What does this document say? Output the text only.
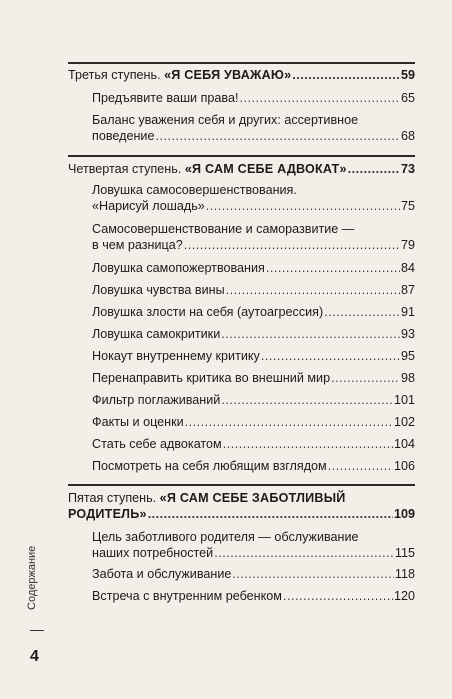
Третья ступень. «Я СЕБЯ УВАЖАЮ» .....	59
Предъявите ваши права! .....	65
Баланс уважения себя и других: ассертивное
поведение .....	68
Четвертая ступень. «Я САМ СЕБЕ АДВОКАТ» .....	73
Ловушка самосовершенствования.
«Нарисуй лошадь» .....	75
Самосовершенствование и саморазвитие —
в чем разница? .....	79
Ловушка самопожертвования .....	84
Ловушка чувства вины .....	87
Ловушка злости на себя (аутоагрессия) .....	91
Ловушка самокритики .....	93
Нокаут внутреннему критику .....	95
Перенаправить критика во внешний мир .....	98
Фильтр поглаживаний .....	101
Факты и оценки .....	102
Стать себе адвокатом .....	104
Посмотреть на себя любящим взглядом .....	106
Пятая ступень. «Я САМ СЕБЕ ЗАБОТЛИВЫЙ
РОДИТЕЛЬ» .....	109
Цель заботливого родителя — обслуживание
наших потребностей .....	115
Забота и обслуживание .....	118
Встреча с внутренним ребенком .....	120
Содержание
4
